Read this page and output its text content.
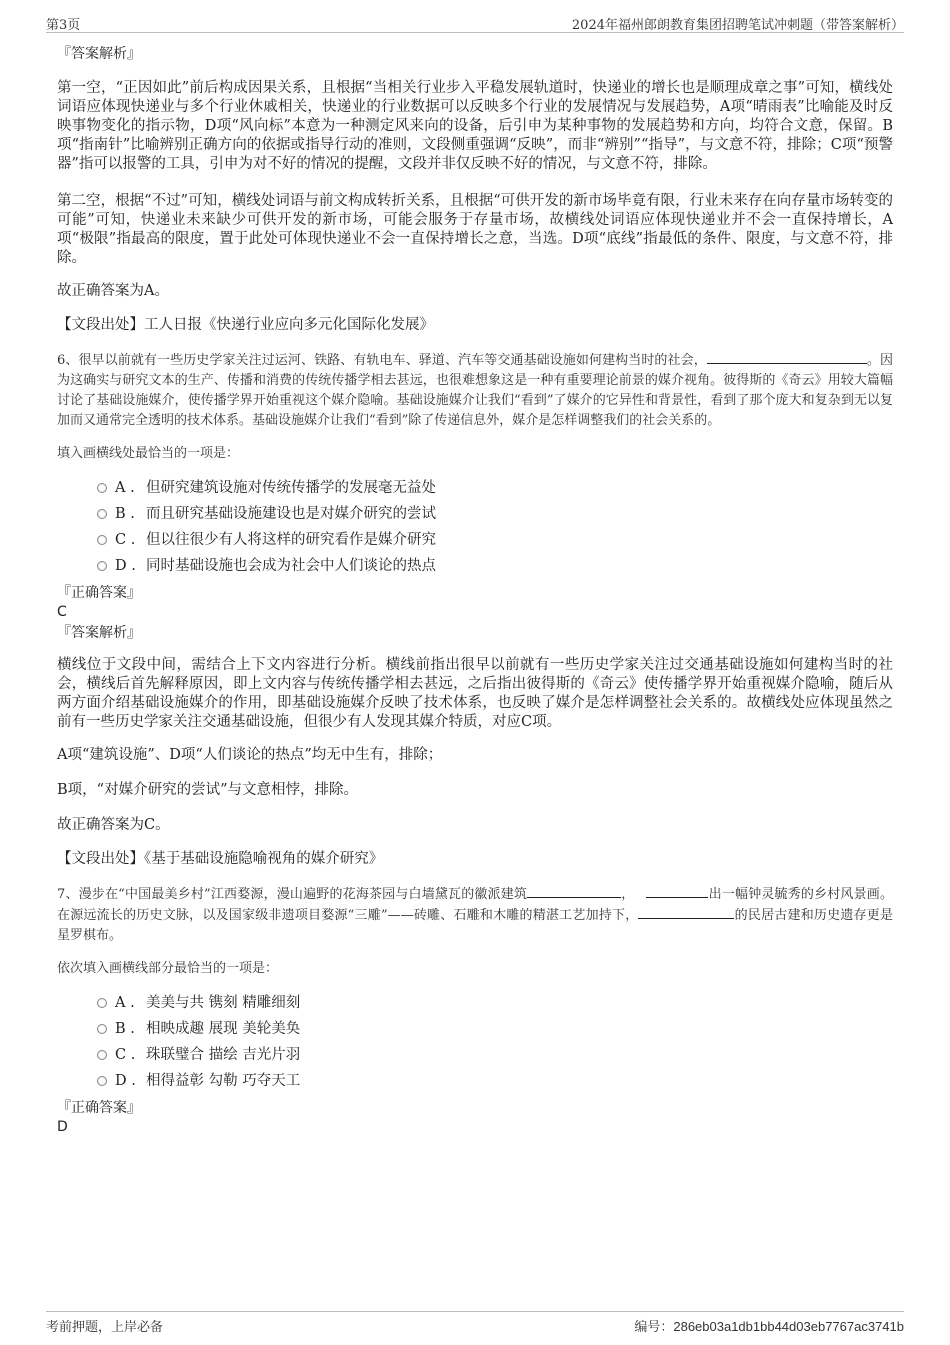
第3页	2024年福州郎朗教育集团招聘笔试冲刺题（带答案解析）

『答案解析』

第一空，“正因如此”前后构成因果关系，且根据“当相关行业步入平稳发展轨道时，快递业的增长也是顺理成章之事”可知，横线处词语应体现快递业与多个行业休戚相关，快递业的行业数据可以反映多个行业的发展情况与发展趋势，A项“晴雨表”比喻能及时反映事物变化的指示物，D项“风向标”本意为一种测定风来向的设备，后引申为某种事物的发展趋势和方向，均符合文意，保留。B项“指南针”比喻辨别正确方向的依据或指导行动的准则，文段侧重强调“反映”，而非“辨别”“指导”，与文意不符，排除；C项“预警器”指可以报警的工具，引申为对不好的情况的提醒，文段并非仅反映不好的情况，与文意不符，排除。

第二空，根据“不过”可知，横线处词语与前文构成转折关系，且根据“可供开发的新市场毕竟有限，行业未来存在向存量市场转变的可能”可知，快递业未来缺少可供开发的新市场，可能会服务于存量市场，故横线处词语应体现快递业并不会一直保持增长，A项“极限”指最高的限度，置于此处可体现快递业不会一直保持增长之意，当选。D项“底线”指最低的条件、限度，与文意不符，排除。

故正确答案为A。

【文段出处】工人日报《快递行业应向多元化国际化发展》

6、很早以前就有一些历史学家关注过运河、铁路、有轨电车、驿道、汽车等交通基础设施如何建构当时的社会，	。因为这确实与研究文本的生产、传播和消费的传统传播学相去甚远，也很难想象这是一种有重要理论前景的媒介视角。彼得斯的《奇云》用较大篇幅讨论了基础设施媒介，使传播学界开始重视这个媒介隐喻。基础设施媒介让我们“看到”了媒介的它异性和背景性，看到了那个庞大和复杂到无以复加而又通常完全透明的技术体系。基础设施媒介让我们“看到”除了传递信息外，媒介是怎样调整我们的社会关系的。

填入画横线处最恰当的一项是：

A . 但研究建筑设施对传统传播学的发展毫无益处
B . 而且研究基础设施建设也是对媒介研究的尝试
C . 但以往很少有人将这样的研究看作是媒介研究
D . 同时基础设施也会成为社会中人们谈论的热点

『正确答案』

C

『答案解析』

横线位于文段中间，需结合上下文内容进行分析。横线前指出很早以前就有一些历史学家关注过交通基础设施如何建构当时的社会，横线后首先解释原因，即上文内容与传统传播学相去甚远，之后指出彼得斯的《奇云》使传播学界开始重视媒介隐喻，随后从两方面介绍基础设施媒介的作用，即基础设施媒介反映了技术体系，也反映了媒介是怎样调整社会关系的。故横线处应体现虽然之前有一些历史学家关注交通基础设施，但很少有人发现其媒介特质，对应C项。

A项“建筑设施”、D项“人们谈论的热点”均无中生有，排除；

B项，“对媒介研究的尝试”与文意相悖，排除。

故正确答案为C。

【文段出处】《基于基础设施隐喻视角的媒介研究》

7、漫步在“中国最美乡村”江西婺源，漫山遍野的花海茶园与白墙黛瓦的徽派建筑	，	出一幅钟灵毓秀的乡村风景画。在源远流长的历史文脉，以及国家级非遗项目婺源“三雕”——砖雕、石雕和木雕的精湛工艺加持下，	的民居古建和历史遗存更是星罗棋布。

依次填入画横线部分最恰当的一项是：

A . 美美与共 镌刻 精雕细刻
B . 相映成趣 展现 美轮美奂
C . 珠联璧合 描绘 吉光片羽
D . 相得益彰 勾勒 巧夺天工

『正确答案』

D

考前押题，上岸必备	编号：286eb03a1db1bb44d03eb7767ac3741b
